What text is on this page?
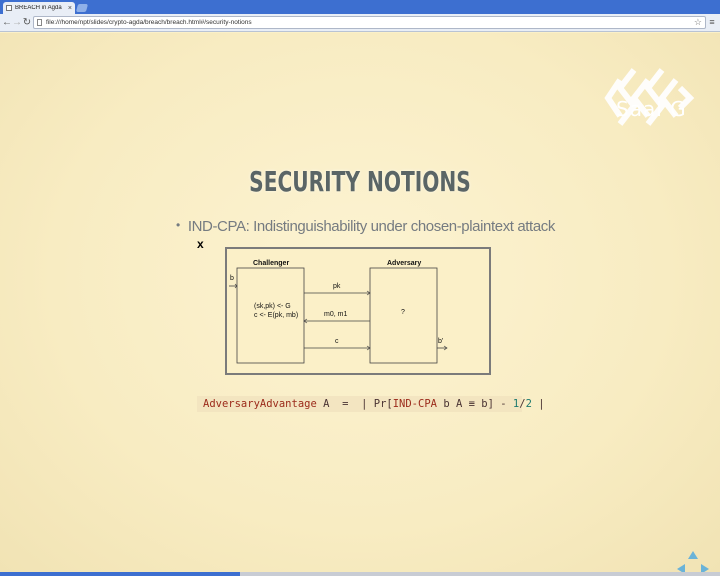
BREACH in Agda ×
← → ↻ file:///home/npt/slides/crypto-agda/breach/breach.html#/security-notions	☆ ≡
Saal G
SECURITY NOTIONS
• IND-CPA: Indistinguishability under chosen-plaintext attack
x
Challenger	Adversary
b
(sk,pk) <- G
c <- E(pk, mb)
pk
m0, m1
c
?
b'
AdversaryAdvantage A = | Pr[IND-CPA b A ≡ b] - 1/2 |
